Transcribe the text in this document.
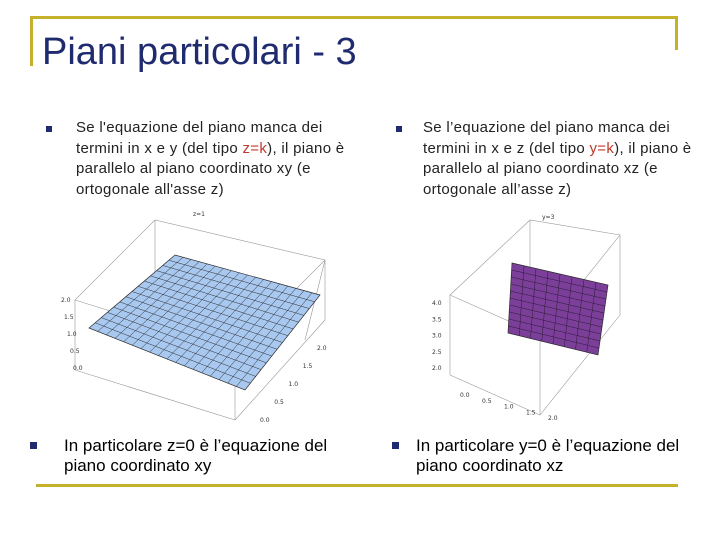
Piani particolari - 3
Se l'equazione del piano manca dei termini in x e y (del tipo z=k), il piano è parallelo al piano coordinato xy (e ortogonale all'asse z)
z=1
2.0
1.5
1.0
0.5
0.0
0.0
0.5
1.0
1.5
2.0
In particolare z=0 è l’equazione del piano coordinato xy
Se l’equazione del piano manca dei termini in x e z (del tipo y=k), il piano è parallelo al piano coordinato xz (e ortogonale all’asse z)
y=3
4.0
3.5
3.0
2.5
2.0
0.0
0.5
1.0
1.5
2.0
In particolare y=0 è l’equazione del piano coordinato xz
